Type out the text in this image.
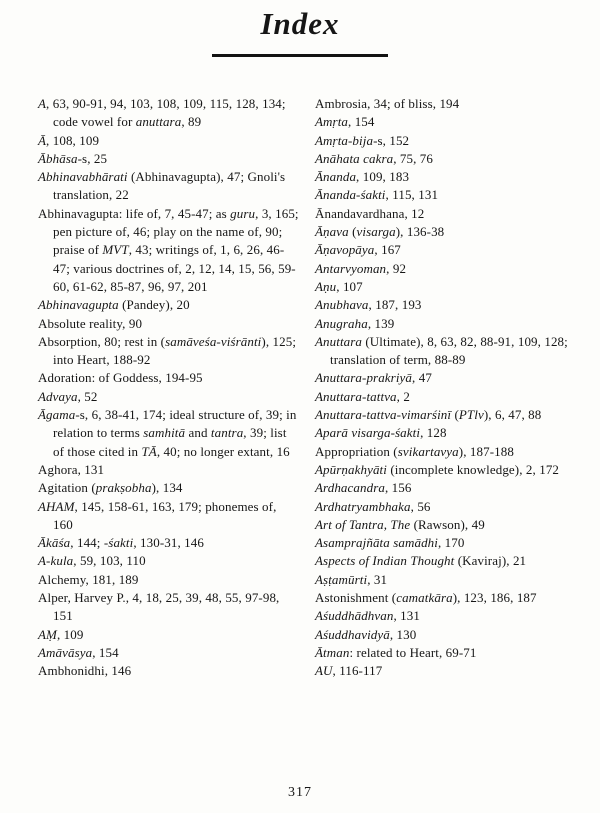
Index
A, 63, 90-91, 94, 103, 108, 109, 115, 128, 134; code vowel for anuttara, 89
Ā, 108, 109
Ābhāsa-s, 25
Abhinavabhārati (Abhinavagupta), 47; Gnoli's translation, 22
Abhinavagupta: life of, 7, 45-47; as guru, 3, 165; pen picture of, 46; play on the name of, 90; praise of MVT, 43; writings of, 1, 6, 26, 46-47; various doctrines of, 2, 12, 14, 15, 56, 59-60, 61-62, 85-87, 96, 97, 201
Abhinavagupta (Pandey), 20
Absolute reality, 90
Absorption, 80; rest in (samāveśa-viśrānti), 125; into Heart, 188-92
Adoration: of Goddess, 194-95
Advaya, 52
Āgama-s, 6, 38-41, 174; ideal structure of, 39; in relation to terms samhitā and tantra, 39; list of those cited in TĀ, 40; no longer extant, 16
Aghora, 131
Agitation (prakṣobha), 134
AHAM, 145, 158-61, 163, 179; phonemes of, 160
Ākāśa, 144; -śakti, 130-31, 146
A-kula, 59, 103, 110
Alchemy, 181, 189
Alper, Harvey P., 4, 18, 25, 39, 48, 55, 97-98, 151
AṂ, 109
Amāvāsya, 154
Ambhonidhi, 146
Ambrosia, 34; of bliss, 194
Amṛta, 154
Amṛta-bija-s, 152
Anāhata cakra, 75, 76
Ānanda, 109, 183
Ānanda-śakti, 115, 131
Ānandavardhana, 12
Āṇava (visarga), 136-38
Āṇavopāya, 167
Antarvyoman, 92
Aṇu, 107
Anubhava, 187, 193
Anugraha, 139
Anuttara (Ultimate), 8, 63, 82, 88-91, 109, 128; translation of term, 88-89
Anuttara-prakriyā, 47
Anuttara-tattva, 2
Anuttara-tattva-vimarśinī (PTlv), 6, 47, 88
Aparā visarga-śakti, 128
Appropriation (svikartavya), 187-188
Apūrṇakhyāti (incomplete knowledge), 2, 172
Ardhacandra, 156
Ardhatryambhaka, 56
Art of Tantra, The (Rawson), 49
Asamprajñāta samādhi, 170
Aspects of Indian Thought (Kaviraj), 21
Aṣṭamūrti, 31
Astonishment (camatkāra), 123, 186, 187
Aśuddhādhvan, 131
Aśuddhavidyā, 130
Ātman: related to Heart, 69-71
AU, 116-117
317
